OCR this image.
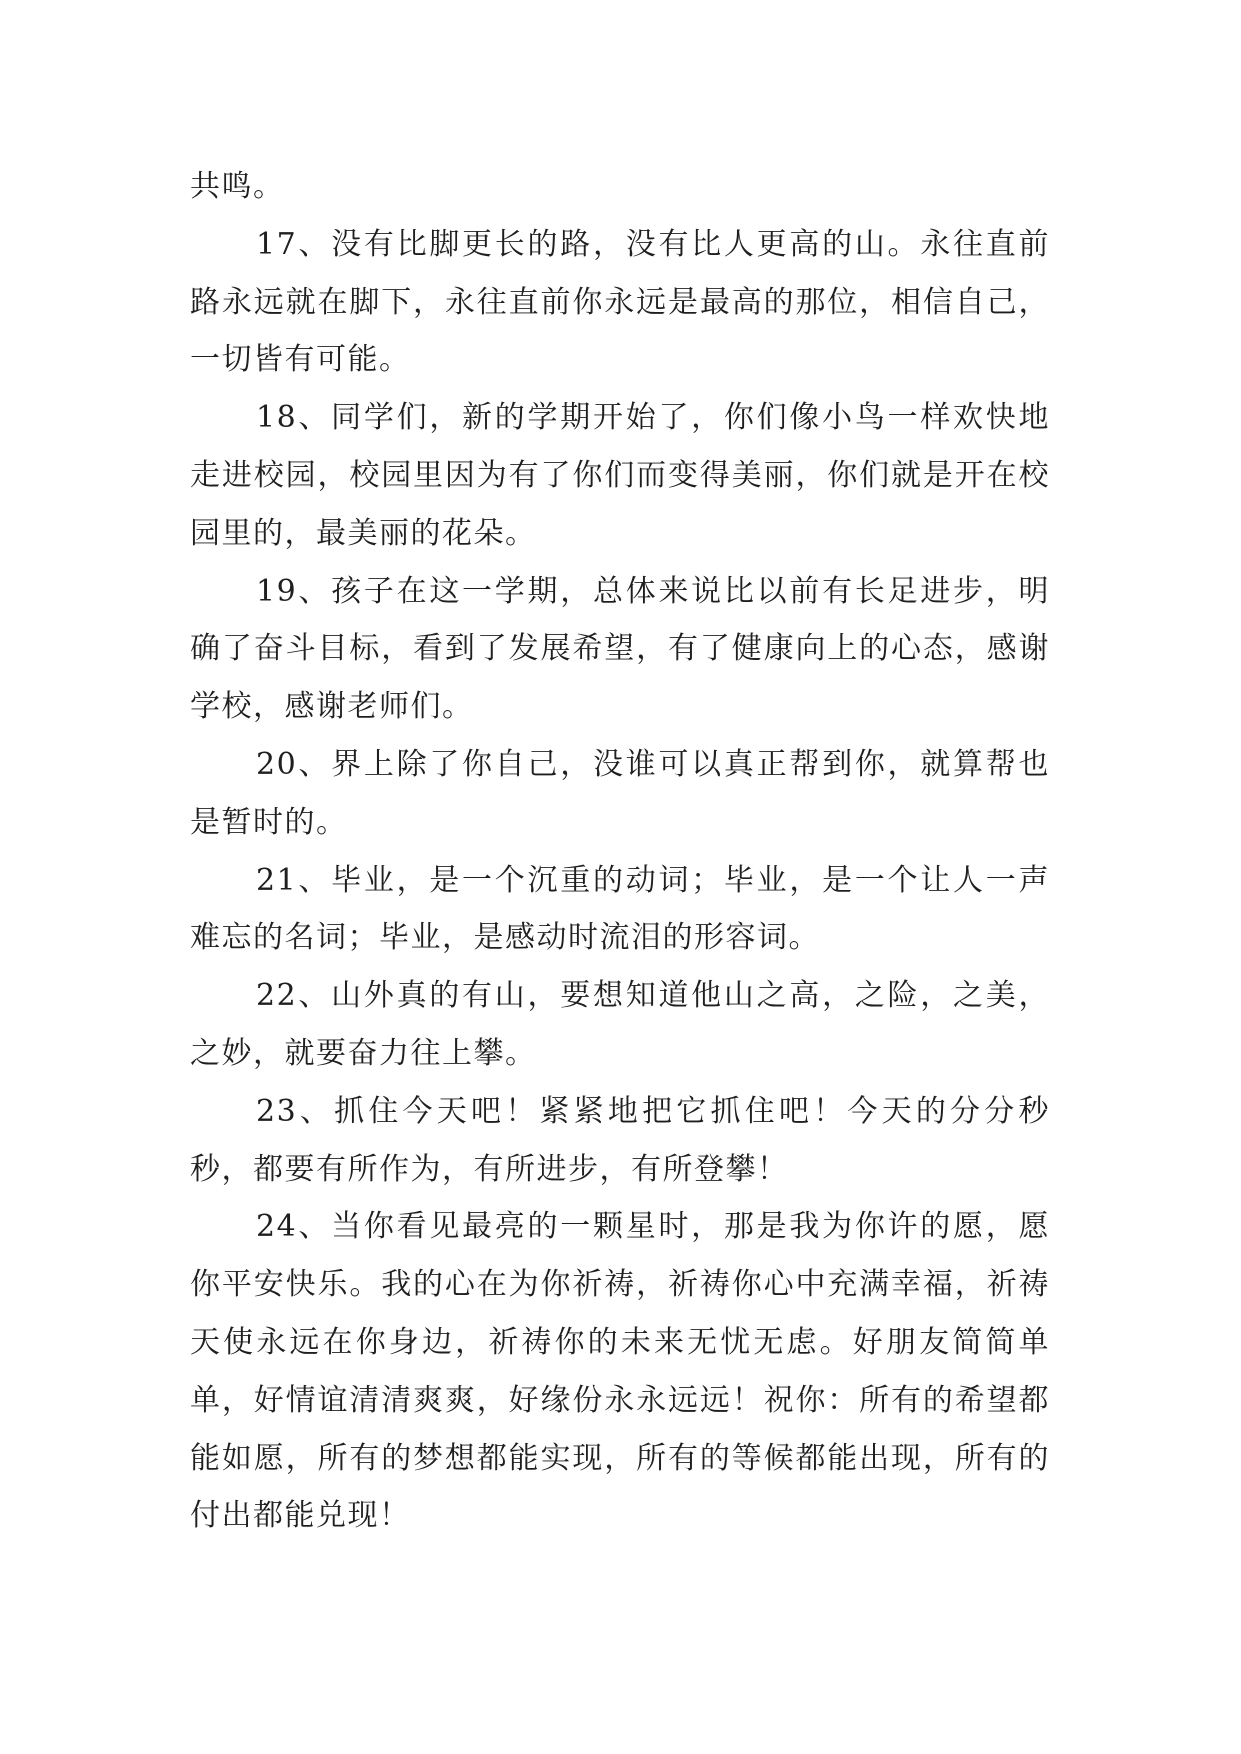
共鸣。

17、没有比脚更长的路，没有比人更高的山。永往直前路永远就在脚下，永往直前你永远是最高的那位，相信自己，一切皆有可能。

18、同学们，新的学期开始了，你们像小鸟一样欢快地走进校园，校园里因为有了你们而变得美丽，你们就是开在校园里的，最美丽的花朵。

19、孩子在这一学期，总体来说比以前有长足进步，明确了奋斗目标，看到了发展希望，有了健康向上的心态，感谢学校，感谢老师们。

20、界上除了你自己，没谁可以真正帮到你，就算帮也是暂时的。

21、毕业，是一个沉重的动词；毕业，是一个让人一声难忘的名词；毕业，是感动时流泪的形容词。

22、山外真的有山，要想知道他山之高，之险，之美，之妙，就要奋力往上攀。

23、抓住今天吧！紧紧地把它抓住吧！今天的分分秒秒，都要有所作为，有所进步，有所登攀！

24、当你看见最亮的一颗星时，那是我为你许的愿，愿你平安快乐。我的心在为你祈祷，祈祷你心中充满幸福，祈祷天使永远在你身边，祈祷你的未来无忧无虑。好朋友简简单单，好情谊清清爽爽，好缘份永永远远！祝你：所有的希望都能如愿，所有的梦想都能实现，所有的等候都能出现，所有的付出都能兑现！
